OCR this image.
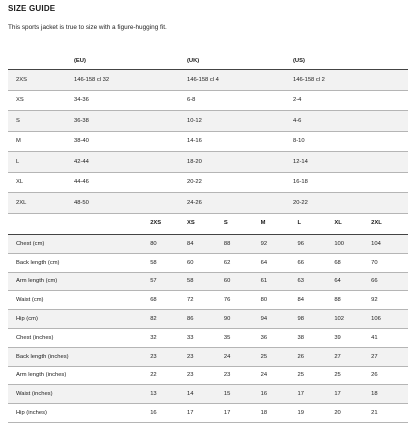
SIZE GUIDE
This sports jacket is true to size with a figure-hugging fit.
	(EU)	(UK)	(US)
2XS	146-158 cl 32	146-158 cl 4	146-158 cl 2
XS	34-36	6-8	2-4
S	36-38	10-12	4-6
M	38-40	14-16	8-10
L	42-44	18-20	12-14
XL	44-46	20-22	16-18
2XL	48-50	24-26	20-22
	2XS	XS	S	M	L	XL	2XL
Chest (cm)	80	84	88	92	96	100	104
Back length (cm)	58	60	62	64	66	68	70
Arm length (cm)	57	58	60	61	63	64	66
Waist (cm)	68	72	76	80	84	88	92
Hip (cm)	82	86	90	94	98	102	106
Chest (inches)	32	33	35	36	38	39	41
Back length (inches)	23	23	24	25	26	27	27
Arm length (inches)	22	23	23	24	25	25	26
Waist (inches)	13	14	15	16	17	17	18
Hip (inches)	16	17	17	18	19	20	21
